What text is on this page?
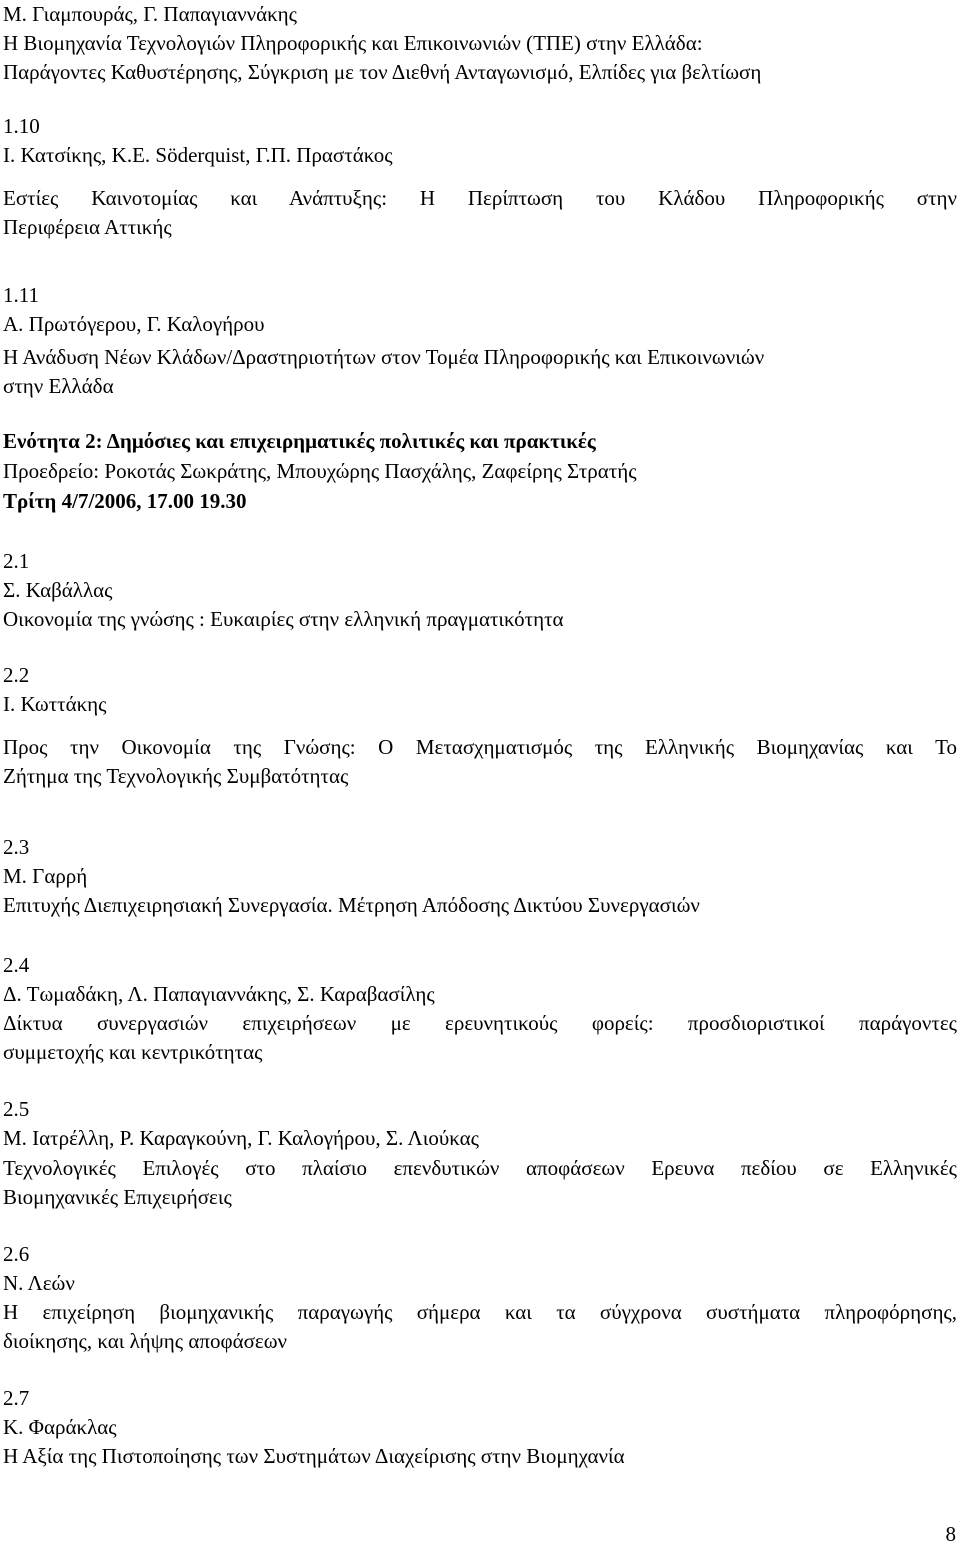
Μ. Γιαμπουράς, Γ. Παπαγιαννάκης
Η Βιομηχανία Τεχνολογιών Πληροφορικής και Επικοινωνιών (ΤΠΕ) στην Ελλάδα:
Παράγοντες Καθυστέρησης, Σύγκριση με τον Διεθνή Ανταγωνισμό, Ελπίδες για βελτίωση
1.10
Ι. Κατσίκης, Κ.Ε. Söderquist, Γ.Π. Πραστάκος
Εστίες Καινοτομίας και Ανάπτυξης: Η Περίπτωση του Κλάδου Πληροφορικής στην
Περιφέρεια Αττικής
1.11
Α. Πρωτόγερου, Γ. Καλογήρου
Η Ανάδυση Νέων Κλάδων/Δραστηριοτήτων στον Τομέα Πληροφορικής και Επικοινωνιών
στην Ελλάδα
Ενότητα 2: Δημόσιες και επιχειρηματικές πολιτικές και πρακτικές
Προεδρείο: Ροκοτάς Σωκράτης, Μπουχώρης Πασχάλης, Ζαφείρης Στρατής
Τρίτη 4/7/2006, 17.00 19.30
2.1
Σ. Καβάλλας
Οικονομία της γνώσης : Ευκαιρίες στην ελληνική πραγματικότητα
2.2
Ι. Κωττάκης
Προς την Οικονομία της Γνώσης: Ο Μετασχηματισμός της Ελληνικής Βιομηχανίας και Το
Ζήτημα της Τεχνολογικής Συμβατότητας
2.3
Μ. Γαρρή
Επιτυχής Διεπιχειρησιακή Συνεργασία. Μέτρηση Απόδοσης Δικτύου Συνεργασιών
2.4
Δ. Τωμαδάκη, Λ. Παπαγιαννάκης, Σ. Καραβασίλης
Δίκτυα συνεργασιών επιχειρήσεων με ερευνητικούς φορείς: προσδιοριστικοί παράγοντες
συμμετοχής και κεντρικότητας
2.5
Μ. Ιατρέλλη, Ρ. Καραγκούνη, Γ. Καλογήρου, Σ. Λιούκας
Τεχνολογικές Επιλογές στο πλαίσιο επενδυτικών αποφάσεων Ερευνα πεδίου σε Ελληνικές
Βιομηχανικές Επιχειρήσεις
2.6
Ν. Λεών
Η επιχείρηση βιομηχανικής παραγωγής σήμερα και τα σύγχρονα συστήματα πληροφόρησης,
διοίκησης, και λήψης αποφάσεων
2.7
Κ. Φαράκλας
Η Αξία της Πιστοποίησης των Συστημάτων Διαχείρισης στην Βιομηχανία
8
